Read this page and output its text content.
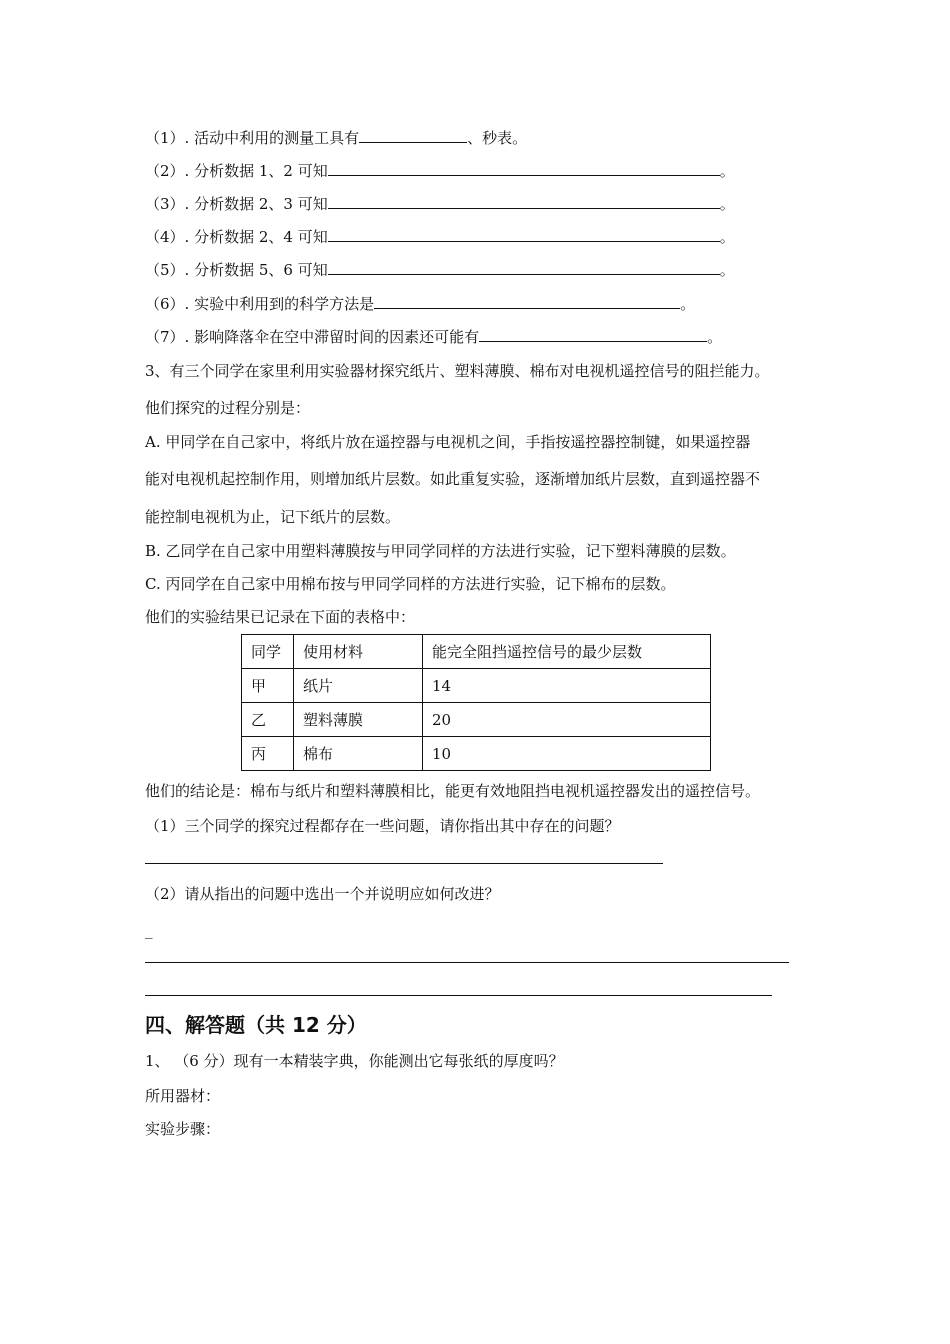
（1）. 活动中利用的测量工具有	、秒表。
（2）. 分析数据 1、2 可知	。
（3）. 分析数据 2、3 可知	。
（4）. 分析数据 2、4 可知	。
（5）. 分析数据 5、6 可知	。
（6）. 实验中利用到的科学方法是	。
（7）. 影响降落伞在空中滞留时间的因素还可能有	。
3、有三个同学在家里利用实验器材探究纸片、塑料薄膜、棉布对电视机遥控信号的阻拦能力。
他们探究的过程分别是：
A. 甲同学在自己家中，将纸片放在遥控器与电视机之间，手指按遥控器控制键，如果遥控器
能对电视机起控制作用，则增加纸片层数。如此重复实验，逐渐增加纸片层数，直到遥控器不
能控制电视机为止，记下纸片的层数。
B. 乙同学在自己家中用塑料薄膜按与甲同学同样的方法进行实验，记下塑料薄膜的层数。
C. 丙同学在自己家中用棉布按与甲同学同样的方法进行实验，记下棉布的层数。
他们的实验结果已记录在下面的表格中：
同学	使用材料	能完全阻挡遥控信号的最少层数
甲	纸片	14
乙	塑料薄膜	20
丙	棉布	10
他们的结论是：棉布与纸片和塑料薄膜相比，能更有效地阻挡电视机遥控器发出的遥控信号。
（1）三个同学的探究过程都存在一些问题，请你指出其中存在的问题？
（2）请从指出的问题中选出一个并说明应如何改进？
_
四、解答题（共 12 分）
1、 （6 分）现有一本精装字典，你能测出它每张纸的厚度吗？
所用器材：
实验步骤：
